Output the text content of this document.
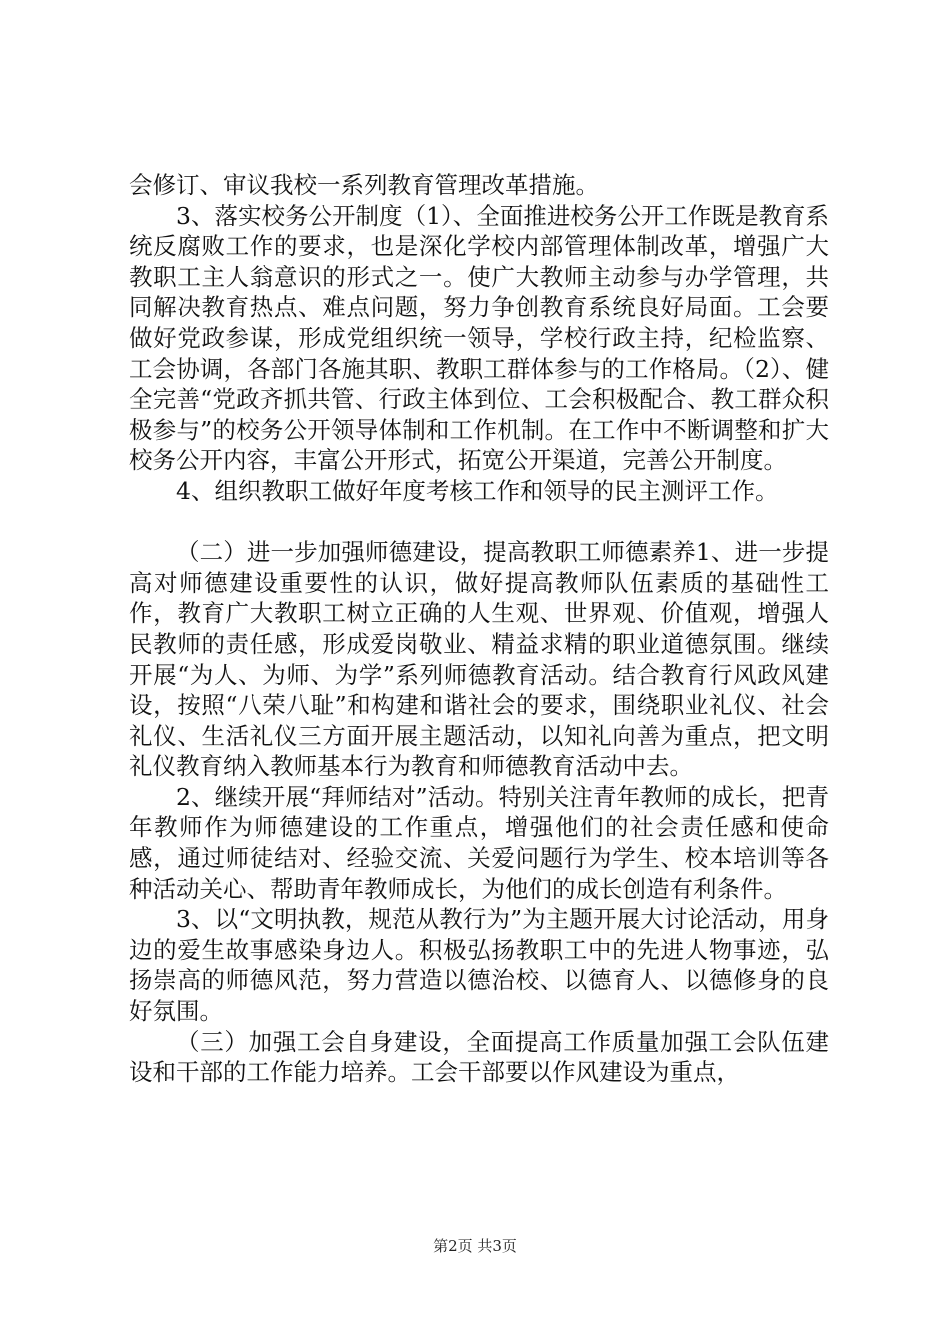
会修订、审议我校一系列教育管理改革措施。

3、落实校务公开制度（1）、全面推进校务公开工作既是教育系统反腐败工作的要求，也是深化学校内部管理体制改革，增强广大教职工主人翁意识的形式之一。使广大教师主动参与办学管理，共同解决教育热点、难点问题，努力争创教育系统良好局面。工会要做好党政参谋，形成党组织统一领导，学校行政主持，纪检监察、工会协调，各部门各施其职、教职工群体参与的工作格局。（2）、健全完善“党政齐抓共管、行政主体到位、工会积极配合、教工群众积极参与”的校务公开领导体制和工作机制。在工作中不断调整和扩大校务公开内容，丰富公开形式，拓宽公开渠道，完善公开制度。

4、组织教职工做好年度考核工作和领导的民主测评工作。

（二）进一步加强师德建设，提高教职工师德素养1、进一步提高对师德建设重要性的认识，做好提高教师队伍素质的基础性工作，教育广大教职工树立正确的人生观、世界观、价值观，增强人民教师的责任感，形成爱岗敬业、精益求精的职业道德氛围。继续开展“为人、为师、为学”系列师德教育活动。结合教育行风政风建设，按照“八荣八耻”和构建和谐社会的要求，围绕职业礼仪、社会礼仪、生活礼仪三方面开展主题活动，以知礼向善为重点，把文明礼仪教育纳入教师基本行为教育和师德教育活动中去。

2、继续开展“拜师结对”活动。特别关注青年教师的成长，把青年教师作为师德建设的工作重点，增强他们的社会责任感和使命感，通过师徒结对、经验交流、关爱问题行为学生、校本培训等各种活动关心、帮助青年教师成长，为他们的成长创造有利条件。

3、以“文明执教，规范从教行为”为主题开展大讨论活动，用身边的爱生故事感染身边人。积极弘扬教职工中的先进人物事迹，弘扬崇高的师德风范，努力营造以德治校、以德育人、以德修身的良好氛围。

（三）加强工会自身建设，全面提高工作质量加强工会队伍建设和干部的工作能力培养。工会干部要以作风建设为重点，

第2页 共3页
